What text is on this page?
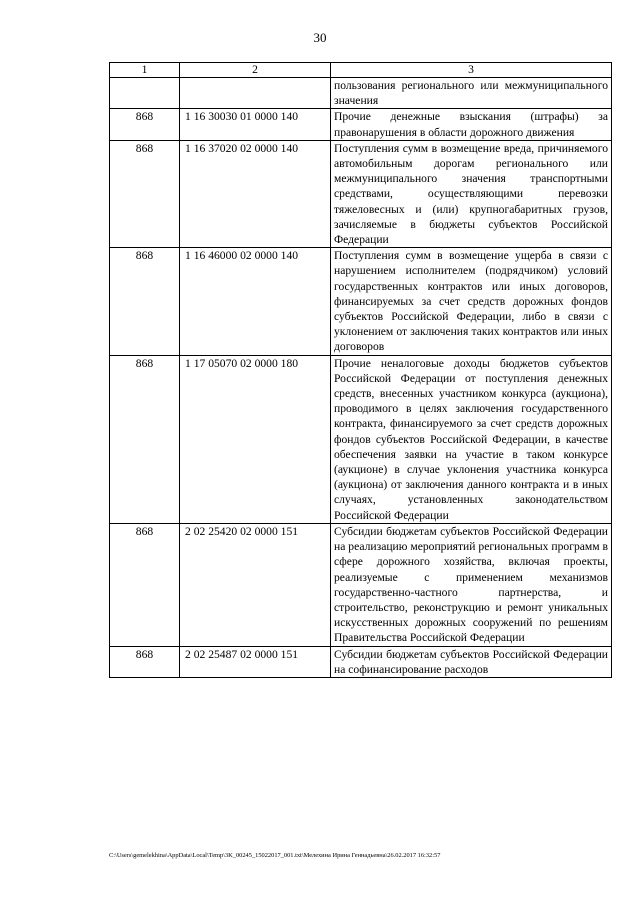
30
1	2	3
		пользования регионального или межмуниципального значения
868	1 16 30030 01 0000 140	Прочие денежные взыскания (штрафы) за правонарушения в области дорожного движения
868	1 16 37020 02 0000 140	Поступления сумм в возмещение вреда, причиняемого автомобильным дорогам регионального или межмуниципального значения транспортными средствами, осуществляющими перевозки тяжеловесных и (или) крупногабаритных грузов, зачисляемые в бюджеты субъектов Российской Федерации
868	1 16 46000 02 0000 140	Поступления сумм в возмещение ущерба в связи с нарушением исполнителем (подрядчиком) условий государственных контрактов или иных договоров, финансируемых за счет средств дорожных фондов субъектов Российской Федерации, либо в связи с уклонением от заключения таких контрактов или иных договоров
868	1 17 05070 02 0000 180	Прочие неналоговые доходы бюджетов субъектов Российской Федерации от поступления денежных средств, внесенных участником конкурса (аукциона), проводимого в целях заключения государственного контракта, финансируемого за счет средств дорожных фондов субъектов Российской Федерации, в качестве обеспечения заявки на участие в таком конкурсе (аукционе) в случае уклонения участника конкурса (аукциона) от заключения данного контракта и в иных случаях, установленных законодательством Российской Федерации
868	2 02 25420 02 0000 151	Субсидии бюджетам субъектов Российской Федерации на реализацию мероприятий региональных программ в сфере дорожного хозяйства, включая проекты, реализуемые с применением механизмов государственно-частного партнерства, и строительство, реконструкцию и ремонт уникальных искусственных дорожных сооружений по решениям Правительства Российской Федерации
868	2 02 25487 02 0000 151	Субсидии бюджетам субъектов Российской Федерации на софинансирование расходов
C:\Users\gemelekhina\AppData\Local\Temp\3K_00245_15022017_001.txt\Мелехина Ирина Геннадьевна\26.02.2017 16:32:57
